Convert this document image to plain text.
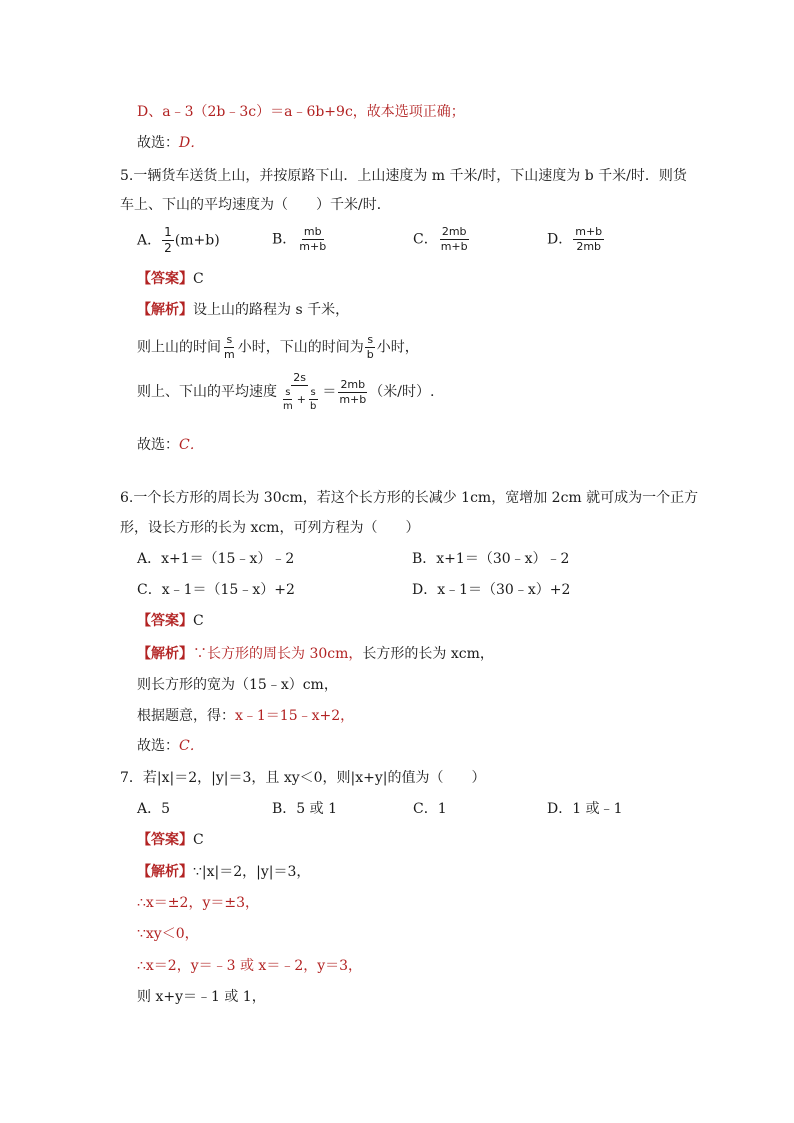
D、a﹣3（2b﹣3c）＝a﹣6b+9c，故本选项正确；
故选：D．
5.一辆货车送货上山，并按原路下山．上山速度为 m 千米/时，下山速度为 b 千米/时．则货
车上、下山的平均速度为（　　）千米/时．
A． $\frac{1}{2} (m+b)$	B． $\frac{mb}{m+b}$	C． $\frac{2mb}{m+b}$	D． $\frac{m+b}{2mb}$
【答案】C
【解析】设上山的路程为 s 千米，
则上山的时间 $\frac{s}{m}$ 小时，下山的时间为 $\frac{s}{b}$ 小时，
则上、下山的平均速度 $\frac{2s}{\frac{s}{m} + \frac{s}{b}} = \frac{2mb}{m+b}$ （米/时）.
故选：C．
6.一个长方形的周长为 30cm，若这个长方形的长减少 1cm，宽增加 2cm 就可成为一个正方
形，设长方形的长为 xcm，可列方程为（　　）
A．x+1＝（15﹣x）﹣2	B．x+1＝（30﹣x）﹣2
C．x﹣1＝（15﹣x）+2	D．x﹣1＝（30﹣x）+2
【答案】C
【解析】∵长方形的周长为 30cm，长方形的长为 xcm，
则长方形的宽为（15﹣x）cm，
根据题意，得：x﹣1＝15﹣x+2，
故选：C．
7．若|x|＝2，|y|＝3，且 xy＜0，则|x+y|的值为（　　）
A．5	B．5 或 1	C．1	D．1 或﹣1
【答案】C
【解析】∵|x|＝2，|y|＝3，
∴x＝±2，y＝±3，
∵xy＜0，
∴x＝2，y＝﹣3 或 x＝﹣2，y＝3，
则 x+y＝﹣1 或 1，
